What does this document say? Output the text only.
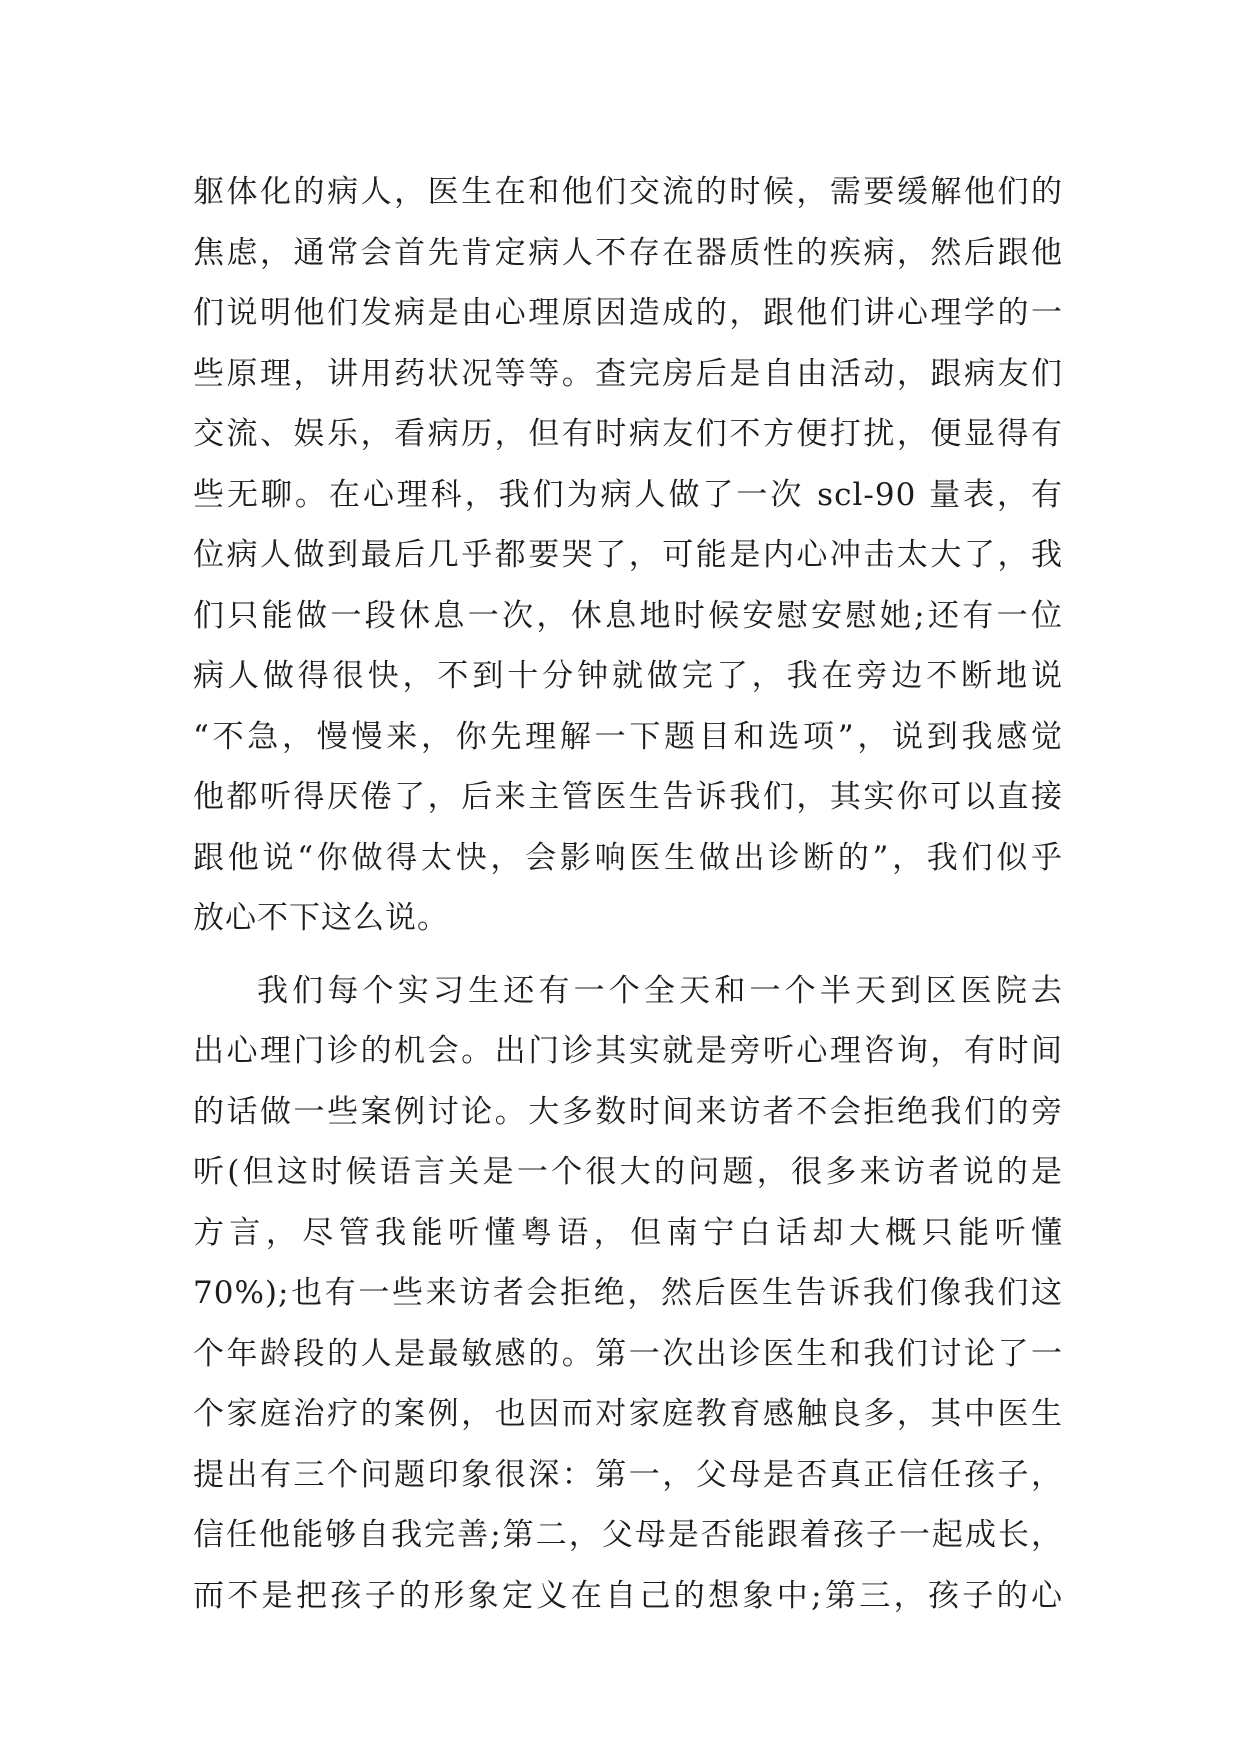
躯体化的病人，医生在和他们交流的时候，需要缓解他们的
焦虑，通常会首先肯定病人不存在器质性的疾病，然后跟他
们说明他们发病是由心理原因造成的，跟他们讲心理学的一
些原理，讲用药状况等等。查完房后是自由活动，跟病友们
交流、娱乐，看病历，但有时病友们不方便打扰，便显得有
些无聊。在心理科，我们为病人做了一次 scl-90 量表，有
位病人做到最后几乎都要哭了，可能是内心冲击太大了，我
们只能做一段休息一次，休息地时候安慰安慰她;还有一位
病人做得很快，不到十分钟就做完了，我在旁边不断地说
“不急，慢慢来，你先理解一下题目和选项”，说到我感觉
他都听得厌倦了，后来主管医生告诉我们，其实你可以直接
跟他说“你做得太快，会影响医生做出诊断的”，我们似乎
放心不下这么说。
我们每个实习生还有一个全天和一个半天到区医院去
出心理门诊的机会。出门诊其实就是旁听心理咨询，有时间
的话做一些案例讨论。大多数时间来访者不会拒绝我们的旁
听(但这时候语言关是一个很大的问题，很多来访者说的是
方言，尽管我能听懂粤语，但南宁白话却大概只能听懂
70%);也有一些来访者会拒绝，然后医生告诉我们像我们这
个年龄段的人是最敏感的。第一次出诊医生和我们讨论了一
个家庭治疗的案例，也因而对家庭教育感触良多，其中医生
提出有三个问题印象很深：第一，父母是否真正信任孩子，
信任他能够自我完善;第二，父母是否能跟着孩子一起成长，
而不是把孩子的形象定义在自己的想象中;第三，孩子的心
